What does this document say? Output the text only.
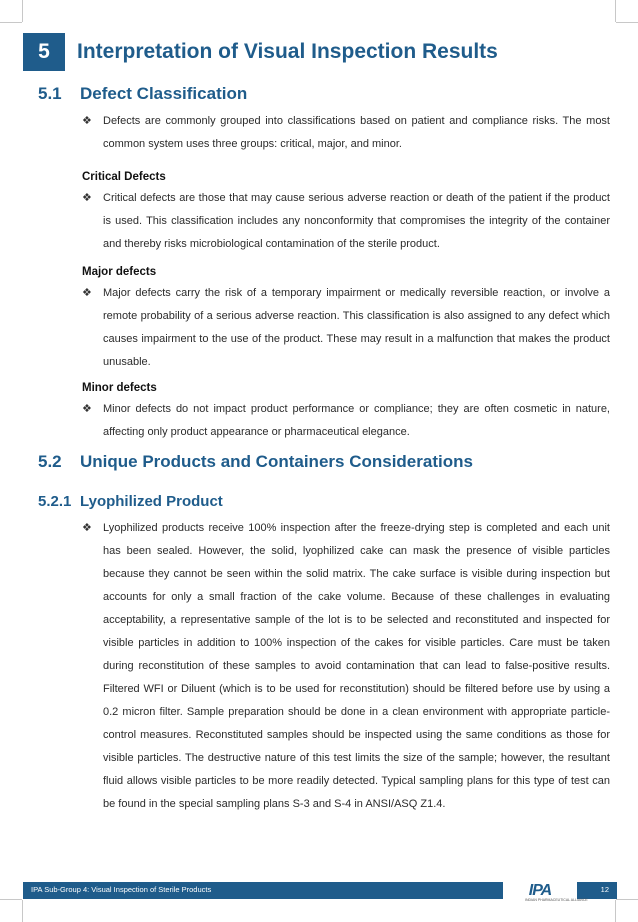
5	Interpretation of Visual Inspection Results
5.1 Defect Classification
❖	Defects are commonly grouped into classifications based on patient and compliance risks. The most common system uses three groups: critical, major, and minor.
Critical Defects
❖	Critical defects are those that may cause serious adverse reaction or death of the patient if the product is used. This classification includes any nonconformity that compromises the integrity of the container and thereby risks microbiological contamination of the sterile product.
Major defects
❖	Major defects carry the risk of a temporary impairment or medically reversible reaction, or involve a remote probability of a serious adverse reaction. This classification is also assigned to any defect which causes impairment to the use of the product. These may result in a malfunction that makes the product unusable.
Minor defects
❖	Minor defects do not impact product performance or compliance; they are often cosmetic in nature, affecting only product appearance or pharmaceutical elegance.
5.2 Unique Products and Containers Considerations
5.2.1 Lyophilized Product
❖	Lyophilized products receive 100% inspection after the freeze-drying step is completed and each unit has been sealed. However, the solid, lyophilized cake can mask the presence of visible particles because they cannot be seen within the solid matrix. The cake surface is visible during inspection but accounts for only a small fraction of the cake volume. Because of these challenges in evaluating acceptability, a representative sample of the lot is to be selected and reconstituted and inspected for visible particles in addition to 100% inspection of the cakes for visible particles. Care must be taken during reconstitution of these samples to avoid contamination that can lead to false-positive results. Filtered WFI or Diluent (which is to be used for reconstitution) should be filtered before use by using a 0.2 micron filter. Sample preparation should be done in a clean environment with appropriate particle-control measures. Reconstituted samples should be inspected using the same conditions as those for visible particles. The destructive nature of this test limits the size of the sample; however, the resultant fluid allows visible particles to be more readily detected. Typical sampling plans for this type of test can be found in the special sampling plans S-3 and S-4 in ANSI/ASQ Z1.4.
IPA Sub-Group 4: Visual Inspection of Sterile Products	12
IPA
INDIAN PHARMACEUTICAL ALLIANCE
